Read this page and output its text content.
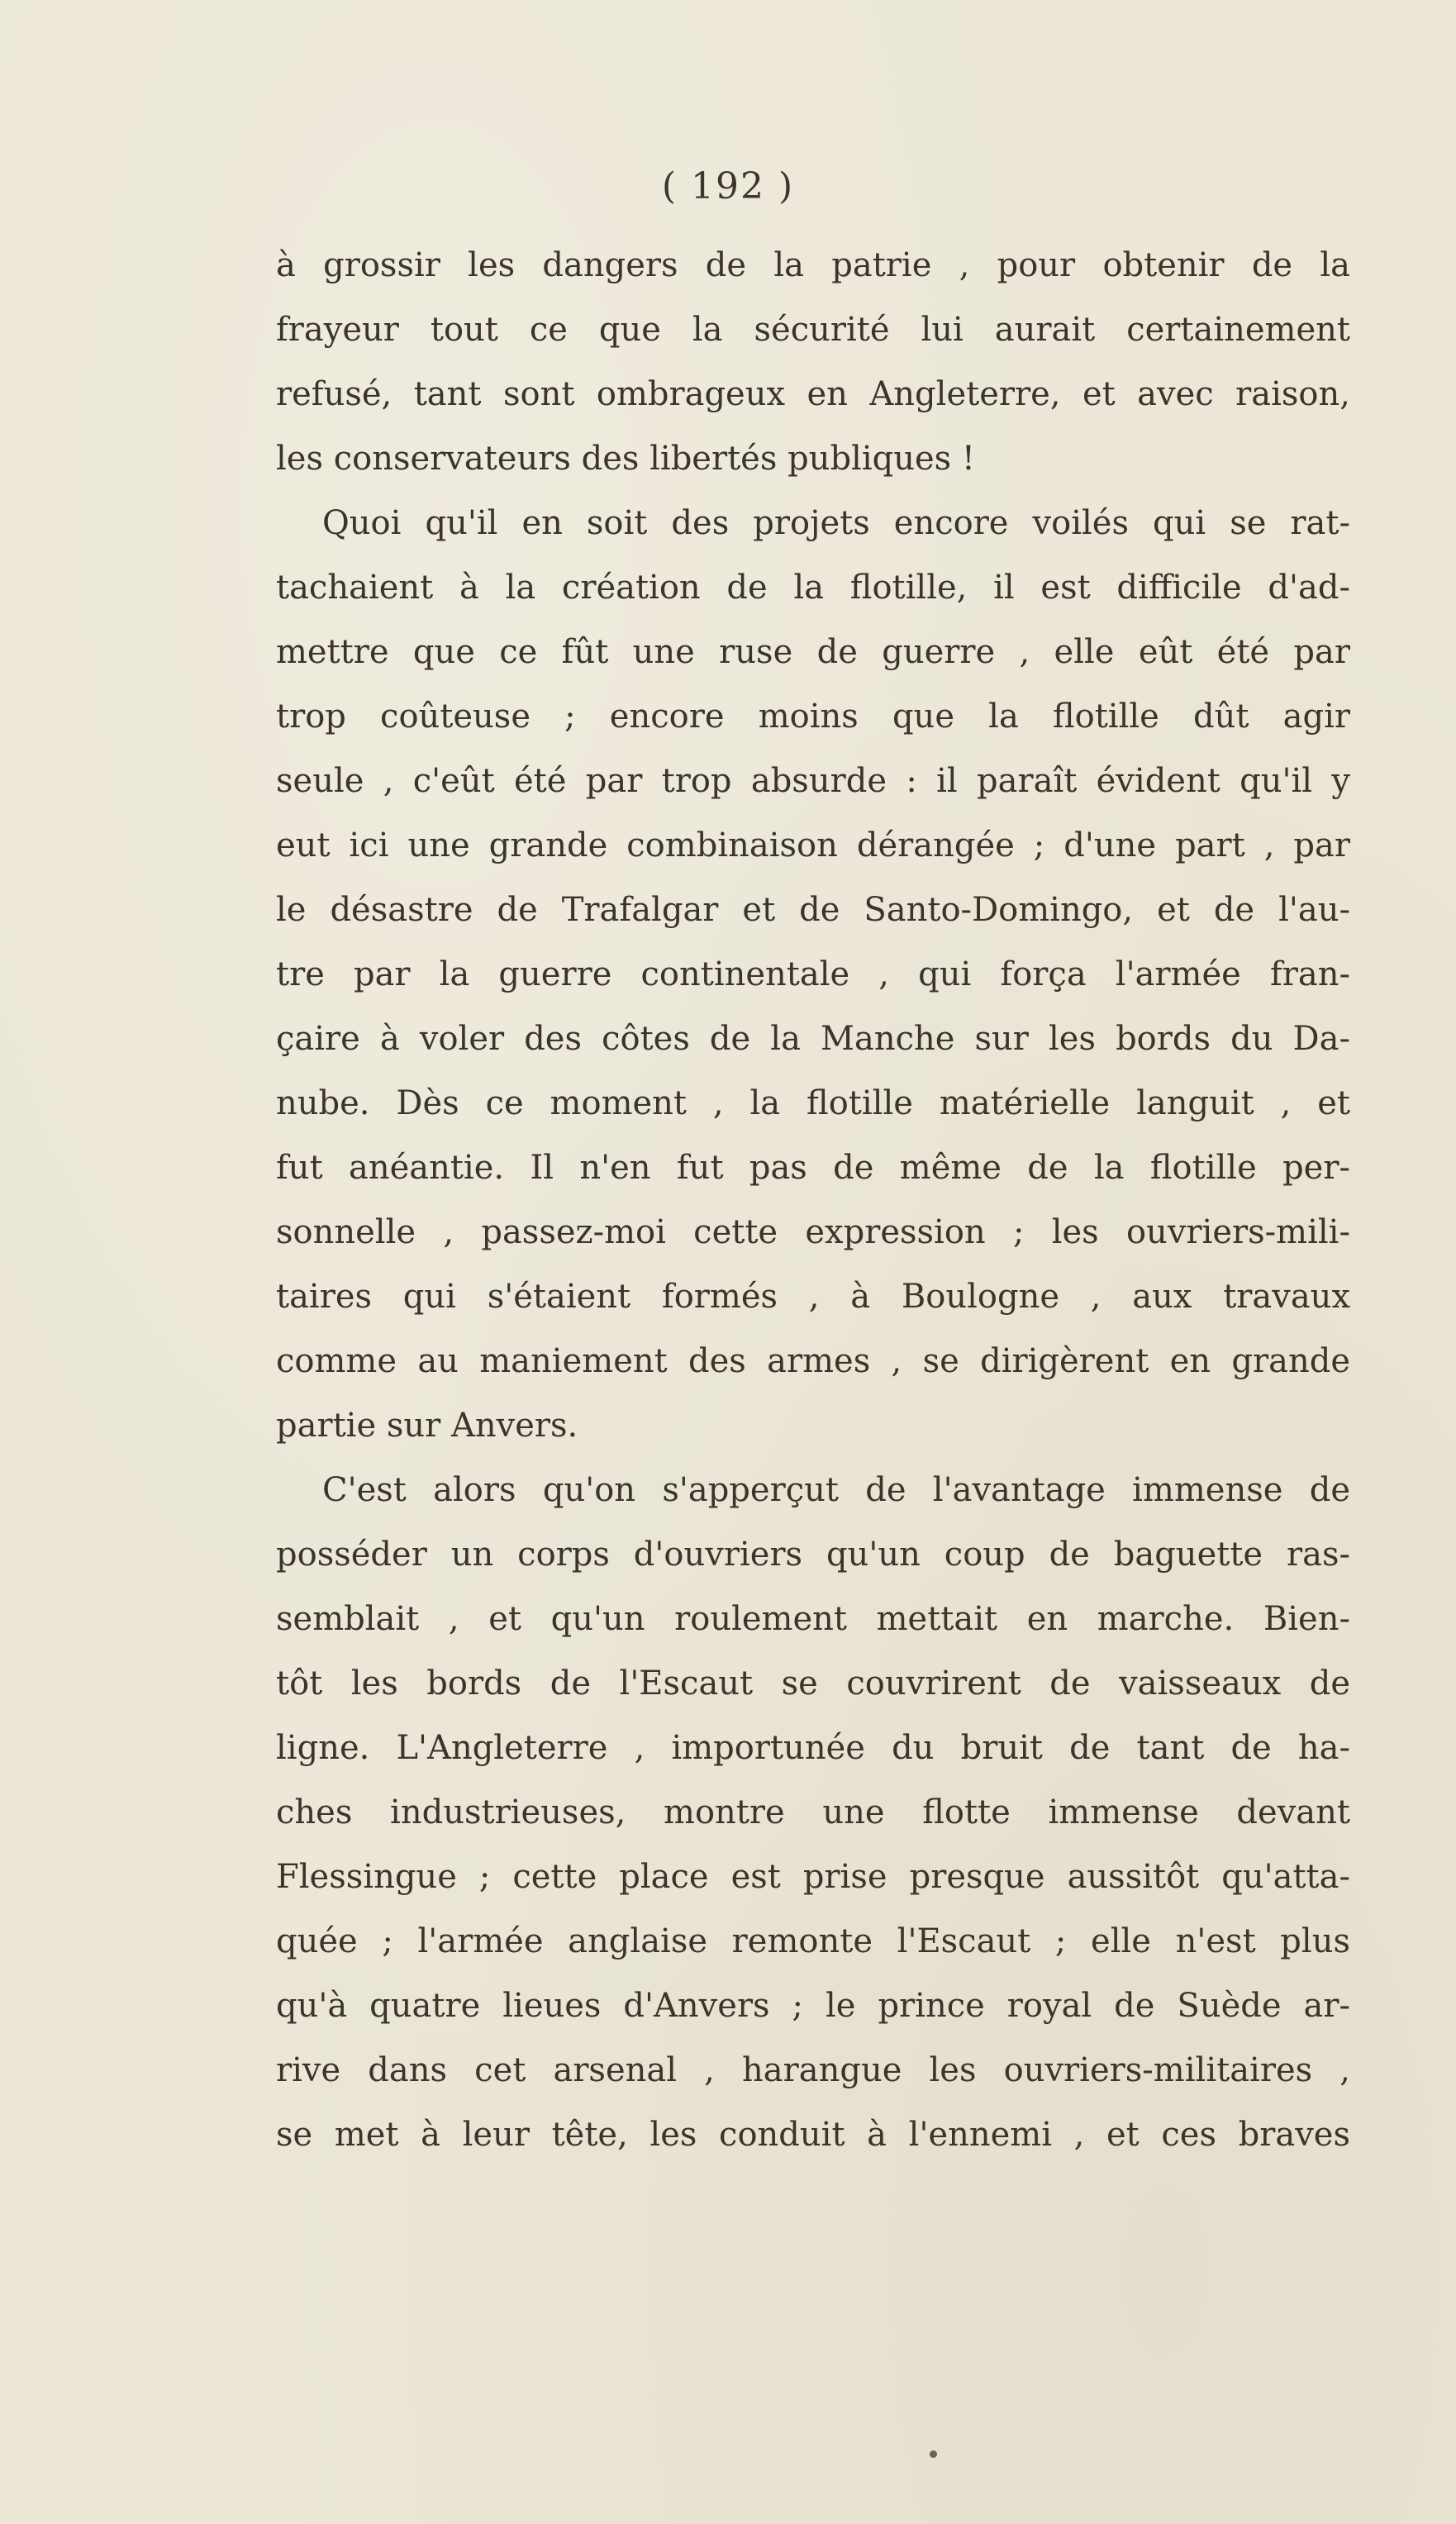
( 192 )
à grossir les dangers de la patrie , pour obtenir de la
frayeur tout ce que la sécurité lui aurait certainement
refusé, tant sont ombrageux en Angleterre, et avec raison,
les conservateurs des libertés publiques !
Quoi qu'il en soit des projets encore voilés qui se rat-
tachaient à la création de la flotille, il est difficile d'ad-
mettre que ce fût une ruse de guerre , elle eût été par
trop coûteuse ; encore moins que la flotille dût agir
seule , c'eût été par trop absurde : il paraît évident qu'il y
eut ici une grande combinaison dérangée ; d'une part , par
le désastre de Trafalgar et de Santo-Domingo, et de l'au-
tre par la guerre continentale , qui força l'armée fran-
çaire à voler des côtes de la Manche sur les bords du Da-
nube. Dès ce moment , la flotille matérielle languit , et
fut anéantie. Il n'en fut pas de même de la flotille per-
sonnelle , passez-moi cette expression ; les ouvriers-mili-
taires qui s'étaient formés , à Boulogne , aux travaux
comme au maniement des armes , se dirigèrent en grande
partie sur Anvers.
C'est alors qu'on s'apperçut de l'avantage immense de
posséder un corps d'ouvriers qu'un coup de baguette ras-
semblait , et qu'un roulement mettait en marche. Bien-
tôt les bords de l'Escaut se couvrirent de vaisseaux de
ligne. L'Angleterre , importunée du bruit de tant de ha-
ches industrieuses, montre une flotte immense devant
Flessingue ; cette place est prise presque aussitôt qu'atta-
quée ; l'armée anglaise remonte l'Escaut ; elle n'est plus
qu'à quatre lieues d'Anvers ; le prince royal de Suède ar-
rive dans cet arsenal , harangue les ouvriers-militaires ,
se met à leur tête, les conduit à l'ennemi , et ces braves
